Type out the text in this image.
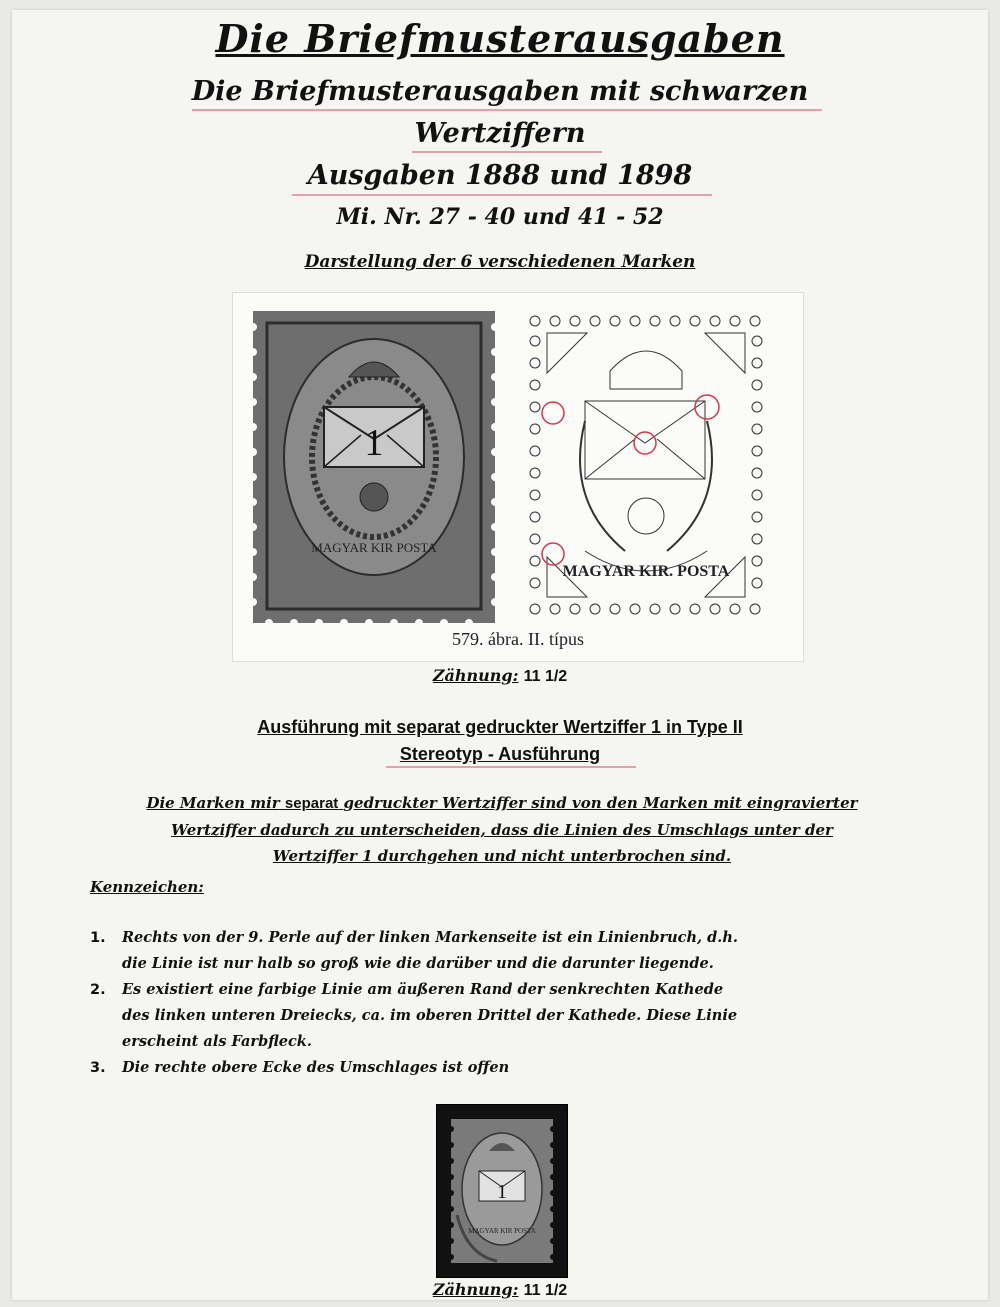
Die Briefmusterausgaben
Die Briefmusterausgaben mit schwarzen
Wertziffern
Ausgaben 1888 und 1898
Mi. Nr. 27 - 40 und 41 - 52
Darstellung der 6 verschiedenen Marken
1
MAGYAR KIR POSTA
MAGYAR KIR. POSTA
579. ábra. II. típus
Zähnung: 11 1/2
Ausführung mit separat gedruckter Wertziffer 1 in Type II
Stereotyp - Ausführung
Die Marken mir separat gedruckter Wertziffer sind von den Marken mit eingravierter
Wertziffer dadurch zu unterscheiden, dass die Linien des Umschlags unter der
Wertziffer 1 durchgehen und nicht unterbrochen sind.
Kennzeichen:
1.	Rechts von der 9. Perle auf der linken Markenseite ist ein Linienbruch, d.h.
die Linie ist nur halb so groß wie die darüber und die darunter liegende.
2.	Es existiert eine farbige Linie am äußeren Rand der senkrechten Kathede
des linken unteren Dreiecks, ca. im oberen Drittel der Kathede. Diese Linie
erscheint als Farbfleck.
3.	Die rechte obere Ecke des Umschlages ist offen
1
MAGYAR KIR POSTA
Zähnung: 11 1/2
